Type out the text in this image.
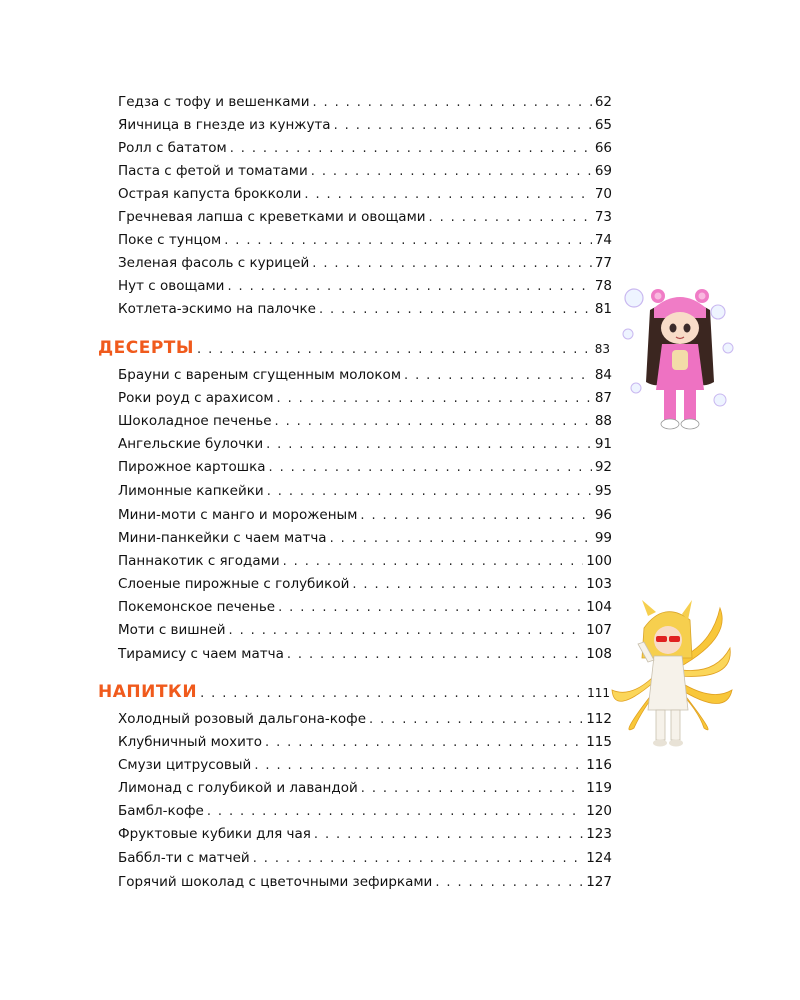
Гедза с тофу и вешенками . . .	62
Яичница в гнезде из кунжута . . .	65
Ролл с бататом . . .	66
Паста с фетой и томатами . . .	69
Острая капуста брокколи . . .	70
Гречневая лапша с креветками и овощами . . .	73
Поке с тунцом . . .	74
Зеленая фасоль с курицей . . .	77
Нут с овощами . . .	78
Котлета-эскимо на палочке . . .	81
ДЕСЕРТЫ . . .	83
Брауни с вареным сгущенным молоком . . .	84
Роки роуд с арахисом . . .	87
Шоколадное печенье . . .	88
Ангельские булочки . . .	91
Пирожное картошка . . .	92
Лимонные капкейки . . .	95
Мини-моти с манго и мороженым . . .	96
Мини-панкейки с чаем матча . . .	99
Паннакотик с ягодами . . .	100
Слоеные пирожные с голубикой . . .	103
Покемонское печенье . . .	104
Моти с вишней . . .	107
Тирамису с чаем матча . . .	108
НАПИТКИ . . .	111
Холодный розовый дальгона-кофе . . .	112
Клубничный мохито . . .	115
Смузи цитрусовый . . .	116
Лимонад с голубикой и лавандой . . .	119
Бамбл-кофе . . .	120
Фруктовые кубики для чая . . .	123
Баббл-ти с матчей . . .	124
Горячий шоколад с цветочными зефирками . . .	127
